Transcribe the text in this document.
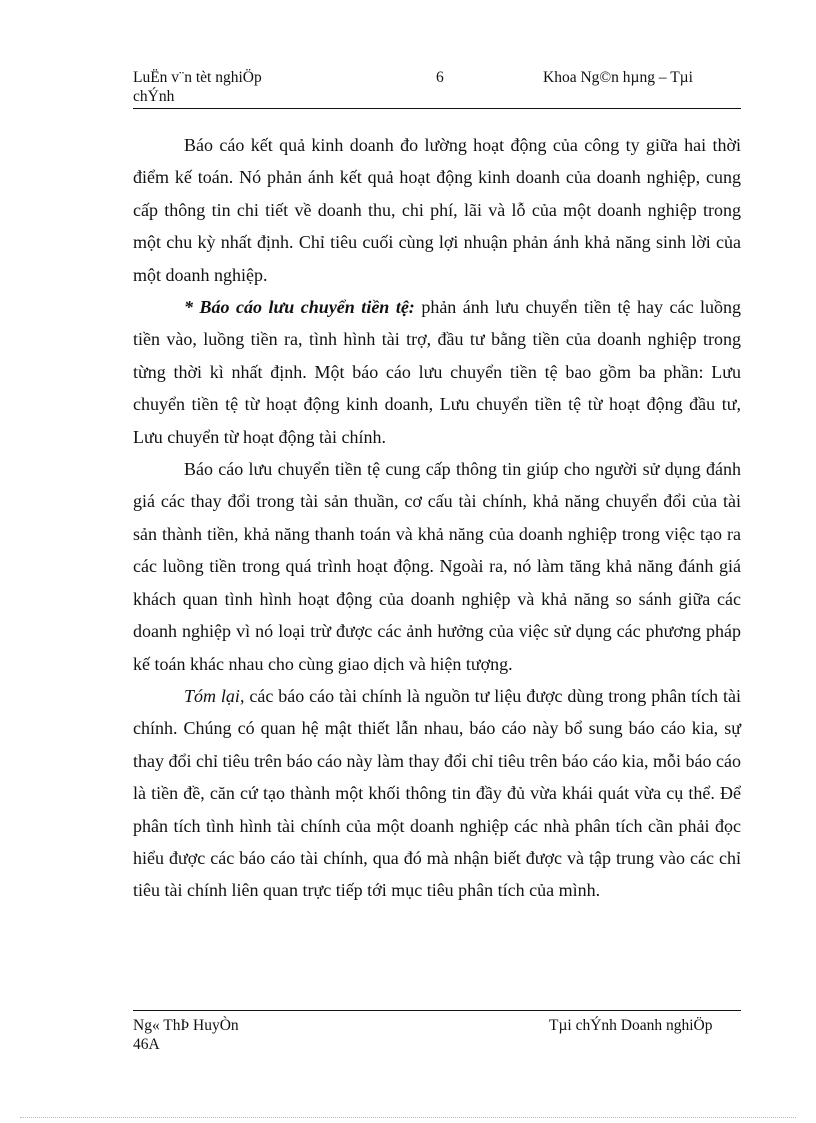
LuËn v¨n tèt nghiÖp
chÝnh
6	Khoa Ng©n hµng – Tµi

Báo cáo kết quả kinh doanh đo lường hoạt động của công ty giữa hai thời điểm kế toán. Nó phản ánh kết quả hoạt động kinh doanh của doanh nghiệp, cung cấp thông tin chi tiết về doanh thu, chi phí, lãi và lỗ của một doanh nghiệp trong một chu kỳ nhất định. Chỉ tiêu cuối cùng lợi nhuận phản ánh khả năng sinh lời của một doanh nghiệp.

* Báo cáo lưu chuyển tiền tệ: phản ánh lưu chuyển tiền tệ hay các luồng tiền vào, luồng tiền ra, tình hình tài trợ, đầu tư bằng tiền của doanh nghiệp trong từng thời kì nhất định. Một báo cáo lưu chuyển tiền tệ bao gồm ba phần: Lưu chuyển tiền tệ từ hoạt động kinh doanh, Lưu chuyển tiền tệ từ hoạt động đầu tư, Lưu chuyển từ hoạt động tài chính.

Báo cáo lưu chuyển tiền tệ cung cấp thông tin giúp cho người sử dụng đánh giá các thay đổi trong tài sản thuần, cơ cấu tài chính, khả năng chuyển đổi của tài sản thành tiền, khả năng thanh toán và khả năng của doanh nghiệp trong việc tạo ra các luồng tiền trong quá trình hoạt động. Ngoài ra, nó làm tăng khả năng đánh giá khách quan tình hình hoạt động của doanh nghiệp và khả năng so sánh giữa các doanh nghiệp vì nó loại trừ được các ảnh hưởng của việc sử dụng các phương pháp kế toán khác nhau cho cùng giao dịch và hiện tượng.

Tóm lại, các báo cáo tài chính là nguồn tư liệu được dùng trong phân tích tài chính. Chúng có quan hệ mật thiết lẫn nhau, báo cáo này bổ sung báo cáo kia, sự thay đổi chỉ tiêu trên báo cáo này làm thay đổi chỉ tiêu trên báo cáo kia, mỗi báo cáo là tiền đề, căn cứ tạo thành một khối thông tin đầy đủ vừa khái quát vừa cụ thể. Để phân tích tình hình tài chính của một doanh nghiệp các nhà phân tích cần phải đọc hiểu được các báo cáo tài chính, qua đó mà nhận biết được và tập trung vào các chỉ tiêu tài chính liên quan trực tiếp tới mục tiêu phân tích của mình.

Ng« ThÞ HuyÒn
46A
Tµi chÝnh Doanh nghiÖp
